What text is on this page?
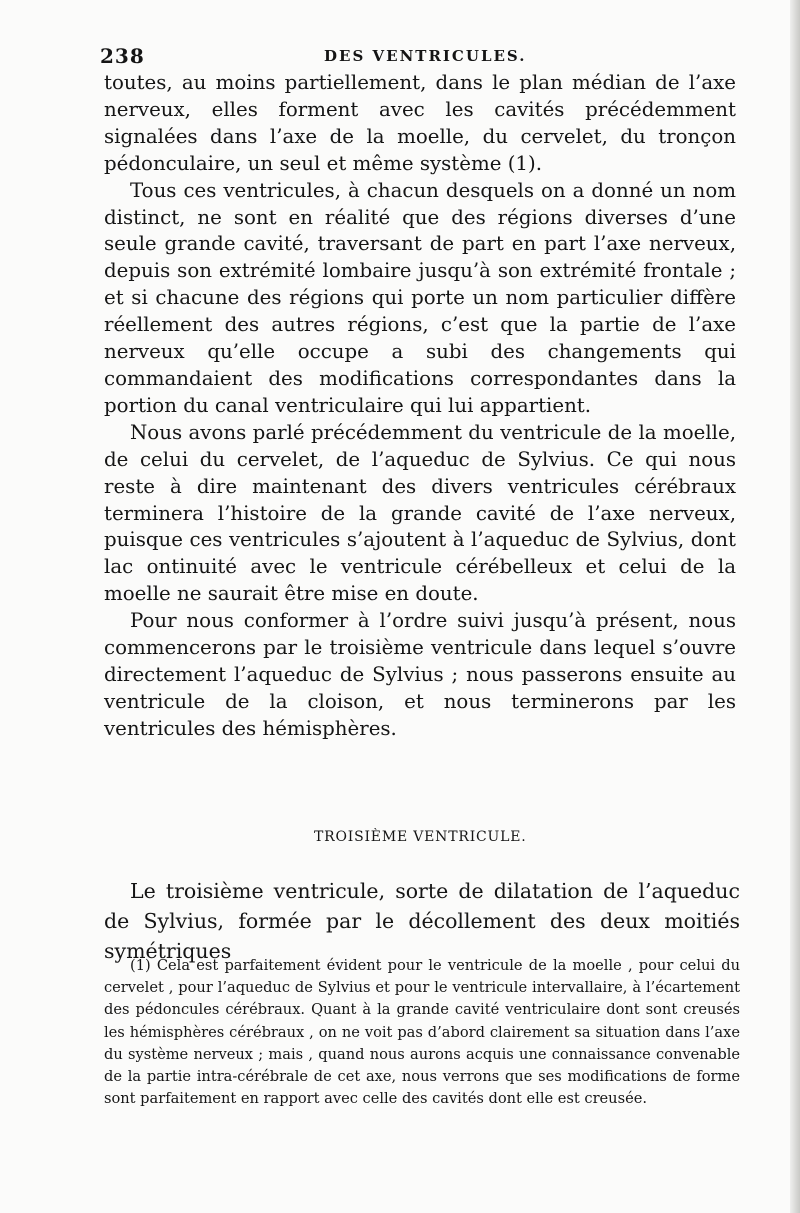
238	DES VENTRICULES.

toutes, au moins partiellement, dans le plan médian de l’axe nerveux, elles forment avec les cavités précédemment signalées dans l’axe de la moelle, du cervelet, du tronçon pédonculaire, un seul et même système (1).

Tous ces ventricules, à chacun desquels on a donné un nom distinct, ne sont en réalité que des régions diverses d’une seule grande cavité, traversant de part en part l’axe nerveux, depuis son extrémité lombaire jusqu’à son extrémité frontale ; et si chacune des régions qui porte un nom particulier diffère réellement des autres régions, c’est que la partie de l’axe nerveux qu’elle occupe a subi des changements qui commandaient des modifications correspondantes dans la portion du canal ventriculaire qui lui appartient.

Nous avons parlé précédemment du ventricule de la moelle, de celui du cervelet, de l’aqueduc de Sylvius. Ce qui nous reste à dire maintenant des divers ventricules cérébraux terminera l’histoire de la grande cavité de l’axe nerveux, puisque ces ventricules s’ajoutent à l’aqueduc de Sylvius, dont lac ontinuité avec le ventricule cérébelleux et celui de la moelle ne saurait être mise en doute.

Pour nous conformer à l’ordre suivi jusqu’à présent, nous commencerons par le troisième ventricule dans lequel s’ouvre directement l’aqueduc de Sylvius ; nous passerons ensuite au ventricule de la cloison, et nous terminerons par les ventricules des hémisphères.

TROISIÈME VENTRICULE.

Le troisième ventricule, sorte de dilatation de l’aqueduc de Sylvius, formée par le décollement des deux moitiés symétriques

(1) Cela est parfaitement évident pour le ventricule de la moelle , pour celui du cervelet , pour l’aqueduc de Sylvius et pour le ventricule intervallaire, à l’écartement des pédoncules cérébraux. Quant à la grande cavité ventriculaire dont sont creusés les hémisphères cérébraux , on ne voit pas d’abord clairement sa situation dans l’axe du système nerveux ; mais , quand nous aurons acquis une connaissance convenable de la partie intra-cérébrale de cet axe, nous verrons que ses modifications de forme sont parfaitement en rapport avec celle des cavités dont elle est creusée.
